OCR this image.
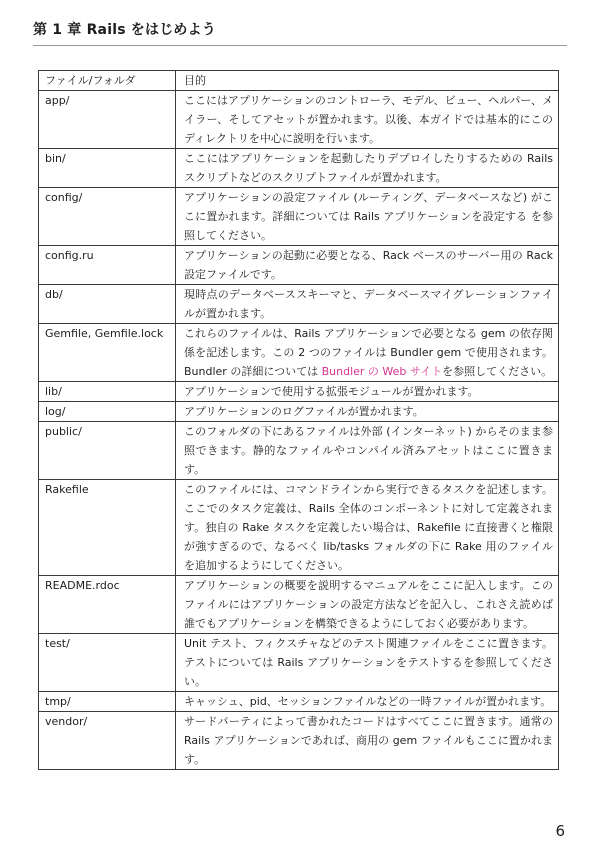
第 1 章 Rails をはじめよう
ファイル/フォルダ	目的
app/	ここにはアプリケーションのコントローラ、モデル、ビュー、ヘルパー、メイラー、そしてアセットが置かれます。以後、本ガイドでは基本的にこのディレクトリを中心に説明を行います。
bin/	ここにはアプリケーションを起動したりデプロイしたりするための Rails スクリプトなどのスクリプトファイルが置かれます。
config/	アプリケーションの設定ファイル (ルーティング、データベースなど) がここに置かれます。詳細については Rails アプリケーションを設定する を参照してください。
config.ru	アプリケーションの起動に必要となる、Rack ベースのサーバー用の Rack 設定ファイルです。
db/	現時点のデータベーススキーマと、データベースマイグレーションファイルが置かれます。
Gemfile, Gemfile.lock	これらのファイルは、Rails アプリケーションで必要となる gem の依存関係を記述します。この 2 つのファイルは Bundler gem で使用されます。Bundler の詳細については Bundler の Web サイトを参照してください。
lib/	アプリケーションで使用する拡張モジュールが置かれます。
log/	アプリケーションのログファイルが置かれます。
public/	このフォルダの下にあるファイルは外部 (インターネット) からそのまま参照できます。静的なファイルやコンパイル済みアセットはここに置きます。
Rakefile	このファイルには、コマンドラインから実行できるタスクを記述します。ここでのタスク定義は、Rails 全体のコンポーネントに対して定義されます。独自の Rake タスクを定義したい場合は、Rakefile に直接書くと権限が強すぎるので、なるべく lib/tasks フォルダの下に Rake 用のファイルを追加するようにしてください。
README.rdoc	アプリケーションの概要を説明するマニュアルをここに記入します。このファイルにはアプリケーションの設定方法などを記入し、これさえ読めば誰でもアプリケーションを構築できるようにしておく必要があります。
test/	Unit テスト、フィクスチャなどのテスト関連ファイルをここに置きます。テストについては Rails アプリケーションをテストするを参照してください。
tmp/	キャッシュ、pid、セッションファイルなどの一時ファイルが置かれます。
vendor/	サードパーティによって書かれたコードはすべてここに置きます。通常の Rails アプリケーションであれば、商用の gem ファイルもここに置かれます。
6
